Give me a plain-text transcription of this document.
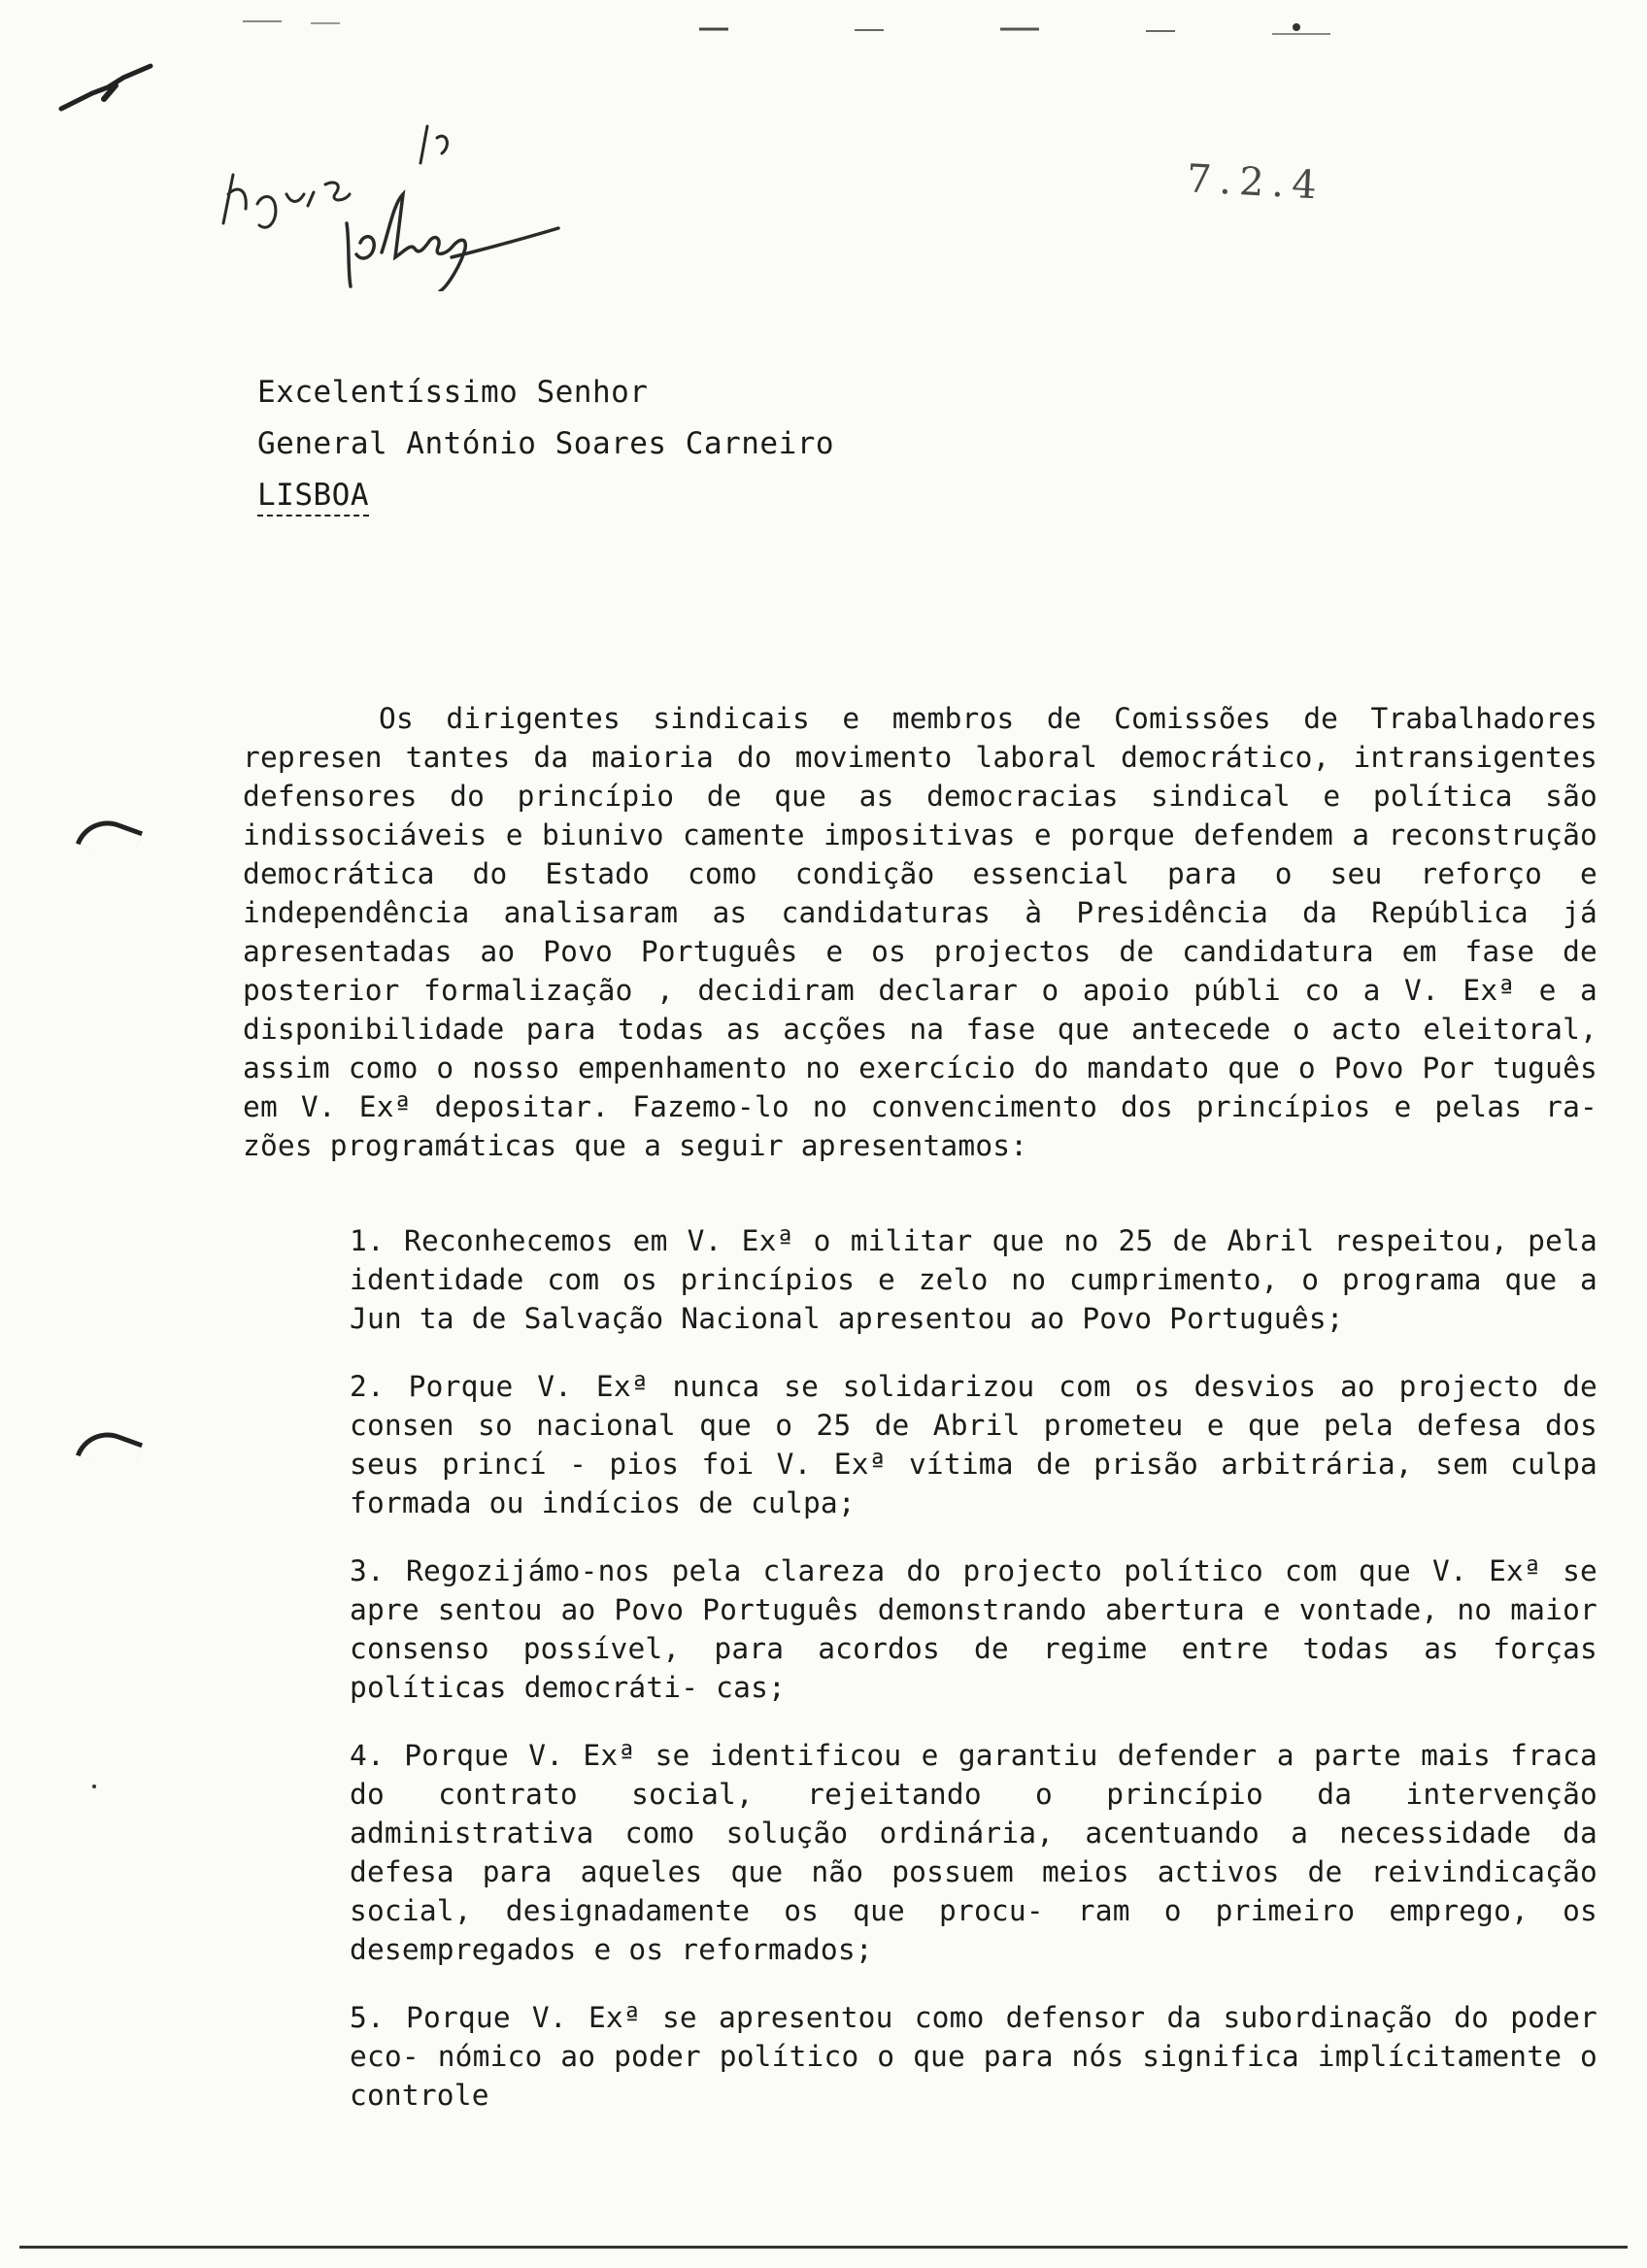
7.2.4
Excelentíssimo Senhor
General António Soares Carneiro
LISBOA

Os dirigentes sindicais e membros de Comissões de Trabalhadores represen tantes da maioria do movimento laboral democrático, intransigentes defensores do princípio de que as democracias sindical e política são indissociáveis e biunivo camente impositivas e porque defendem a reconstrução democrática do Estado como condição essencial para o seu reforço e independência analisaram as candidaturas à Presidência da República já apresentadas ao Povo Português e os projectos de candidatura em fase de posterior formalização , decidiram declarar o apoio públi co a V. Exª e a disponibilidade para todas as acções na fase que antecede o acto eleitoral, assim como o nosso empenhamento no exercício do mandato que o Povo Por tuguês em V. Exª depositar. Fazemo-lo no convencimento dos princípios e pelas ra- zões programáticas que a seguir apresentamos:

1. Reconhecemos em V. Exª o militar que no 25 de Abril respeitou, pela identidade com os princípios e zelo no cumprimento, o programa que a Jun ta de Salvação Nacional apresentou ao Povo Português;
2. Porque V. Exª nunca se solidarizou com os desvios ao projecto de consen so nacional que o 25 de Abril prometeu e que pela defesa dos seus princí - pios foi V. Exª vítima de prisão arbitrária, sem culpa formada ou indícios de culpa;
3. Regozijámo-nos pela clareza do projecto político com que V. Exª se apre sentou ao Povo Português demonstrando abertura e vontade, no maior consenso possível, para acordos de regime entre todas as forças políticas democráti- cas;
4. Porque V. Exª se identificou e garantiu defender a parte mais fraca do contrato social, rejeitando o princípio da intervenção administrativa como solução ordinária, acentuando a necessidade da defesa para aqueles que não possuem meios activos de reivindicação social, designadamente os que procu- ram o primeiro emprego, os desempregados e os reformados;
5. Porque V. Exª se apresentou como defensor da subordinação do poder eco- nómico ao poder político o que para nós significa implícitamente o controle
